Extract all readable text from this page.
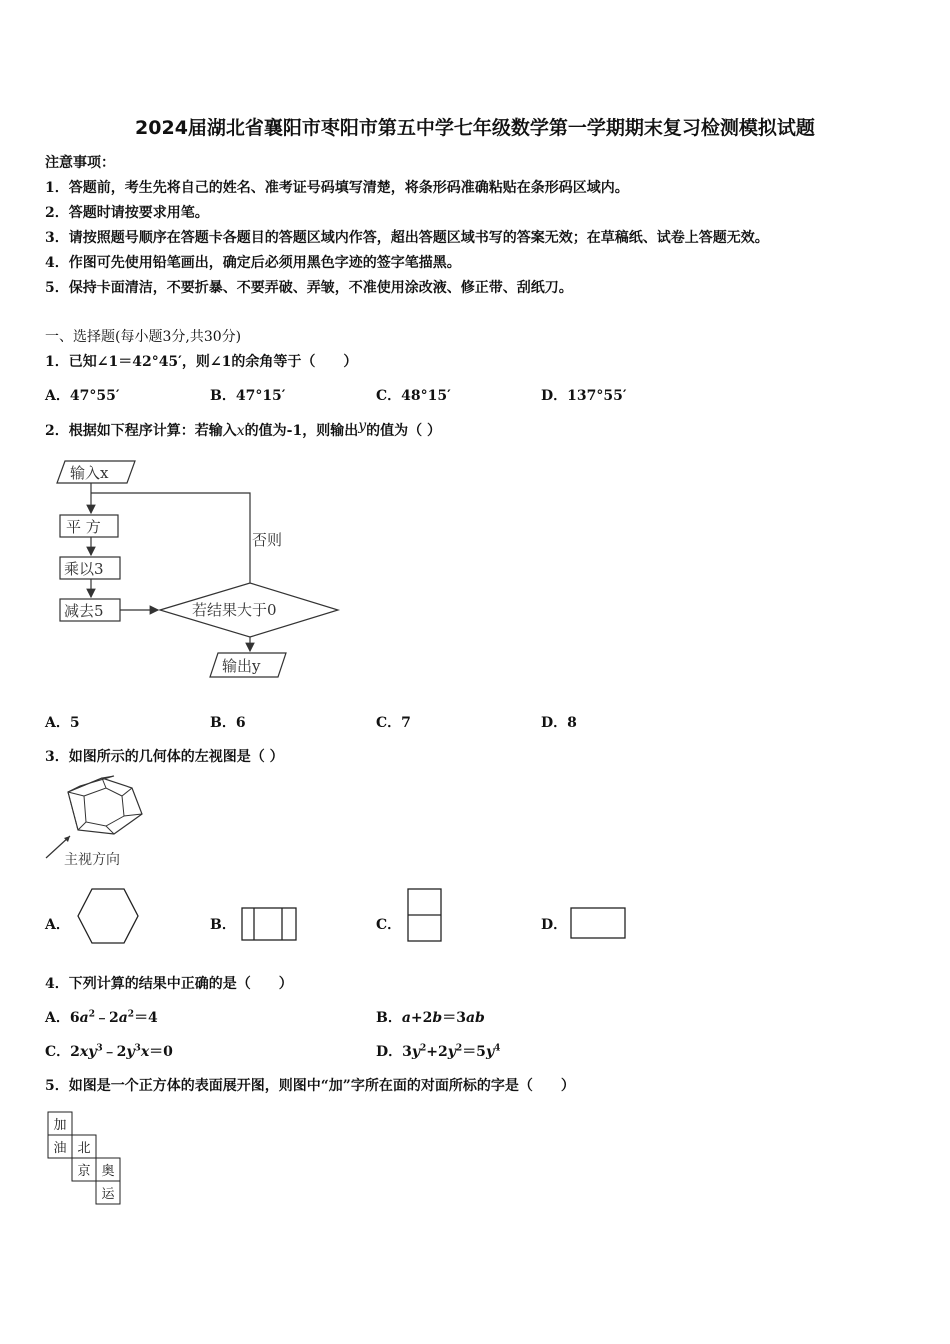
2024届湖北省襄阳市枣阳市第五中学七年级数学第一学期期末复习检测模拟试题
注意事项：
1．答题前，考生先将自己的姓名、准考证号码填写清楚，将条形码准确粘贴在条形码区域内。
2．答题时请按要求用笔。
3．请按照题号顺序在答题卡各题目的答题区域内作答，超出答题区域书写的答案无效；在草稿纸、试卷上答题无效。
4．作图可先使用铅笔画出，确定后必须用黑色字迹的签字笔描黑。
5．保持卡面清洁，不要折暴、不要弄破、弄皱，不准使用涂改液、修正带、刮纸刀。
一、选择题(每小题3分,共30分)
1．已知∠1＝42°45′，则∠1的余角等于（　　）
A．47°55′	B．47°15′	C．48°15′	D．137°55′
2．根据如下程序计算：若输入x的值为-1，则输出y的值为（ ）
输入x
否则
平 方
乘以3
减去5	若结果大于0
输出y
A．5	B．6	C．7	D．8
3．如图所示的几何体的左视图是（ ）
主视方向
A．	B．	C．	D．
4．下列计算的结果中正确的是（　　）
A．$6a^2﹣2a^2=4$	B．a+2b＝3ab
C．$2xy^3﹣2y^3x=0$	D．$3y^2+2y^2=5y^4$
5．如图是一个正方体的表面展开图，则图中“加”字所在面的对面所标的字是（　　）
加
油 北
京 奥
运
